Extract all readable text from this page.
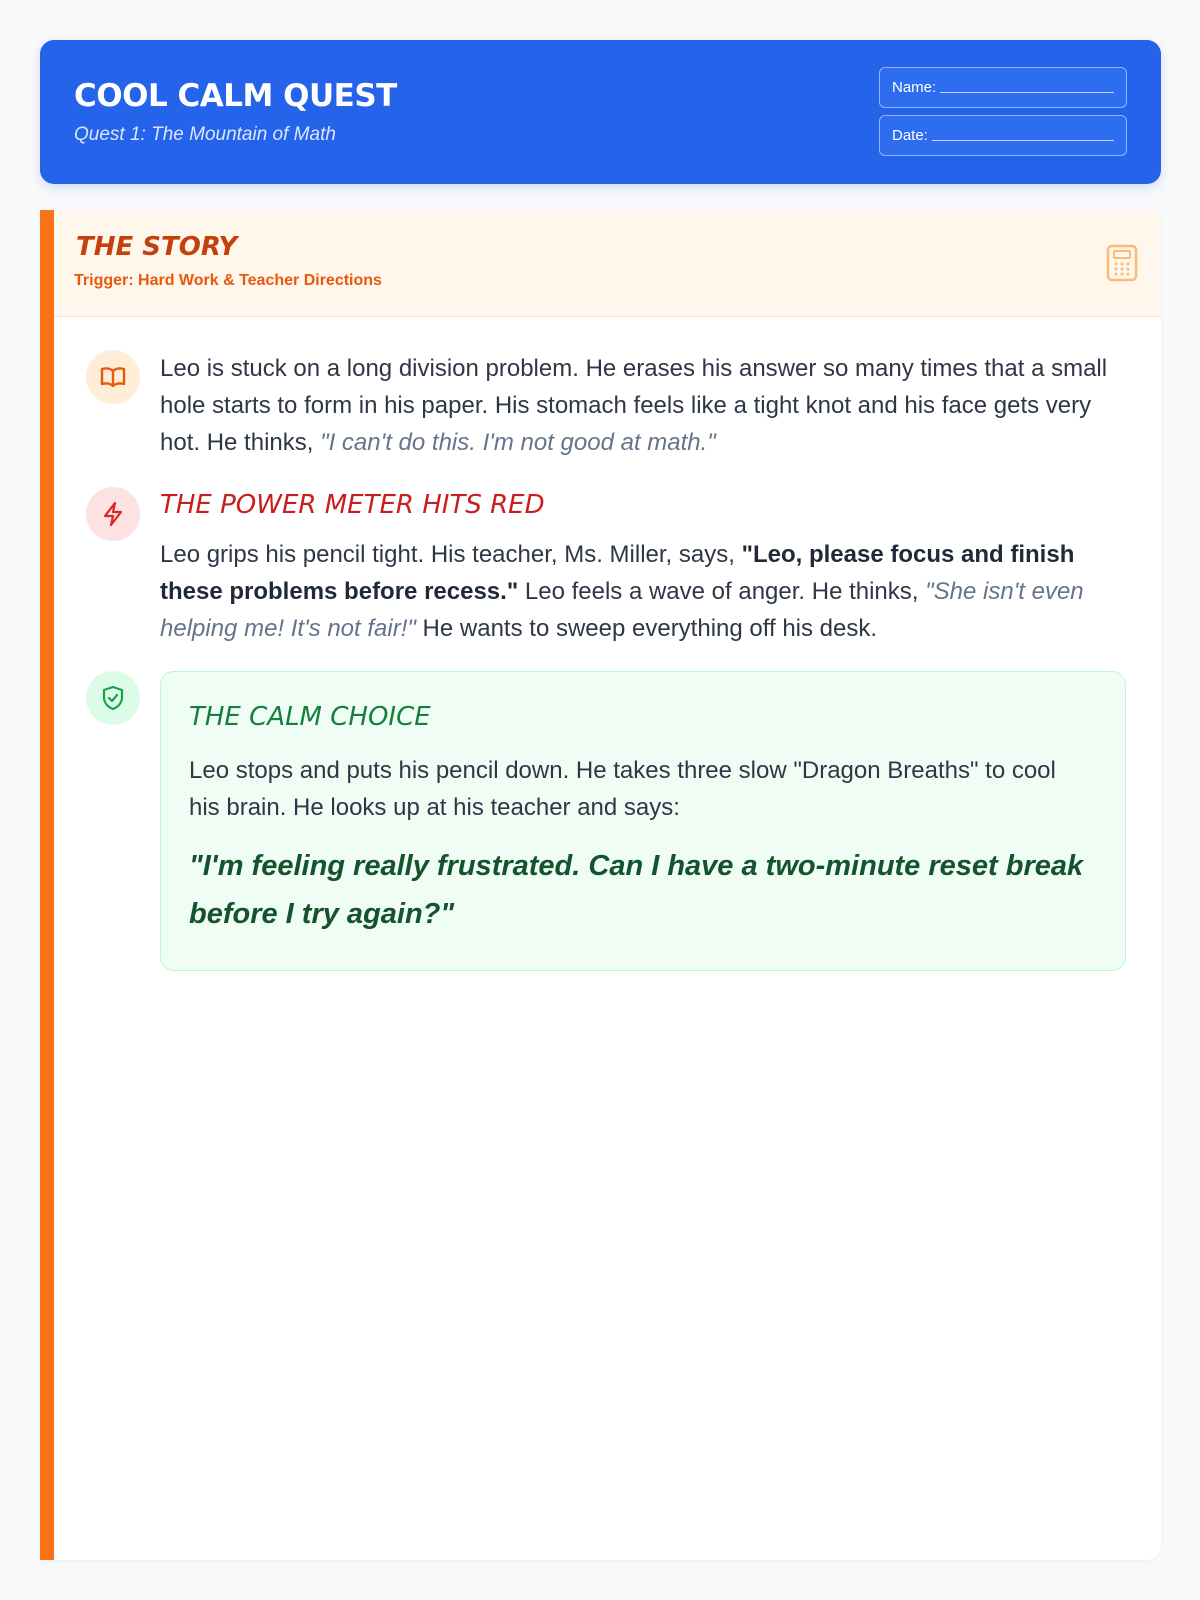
COOL CALM QUEST
Quest 1: The Mountain of Math
Name:
Date:
THE STORY
Trigger: Hard Work & Teacher Directions

Leo is stuck on a long division problem. He erases his answer so many times that a small hole starts to form in his paper. His stomach feels like a tight knot and his face gets very hot. He thinks, "I can't do this. I'm not good at math."

THE POWER METER HITS RED

Leo grips his pencil tight. His teacher, Ms. Miller, says, "Leo, please focus and finish these problems before recess." Leo feels a wave of anger. He thinks, "She isn't even helping me! It's not fair!" He wants to sweep everything off his desk.

THE CALM CHOICE

Leo stops and puts his pencil down. He takes three slow "Dragon Breaths" to cool his brain. He looks up at his teacher and says:

"I'm feeling really frustrated. Can I have a two-minute reset break before I try again?"
